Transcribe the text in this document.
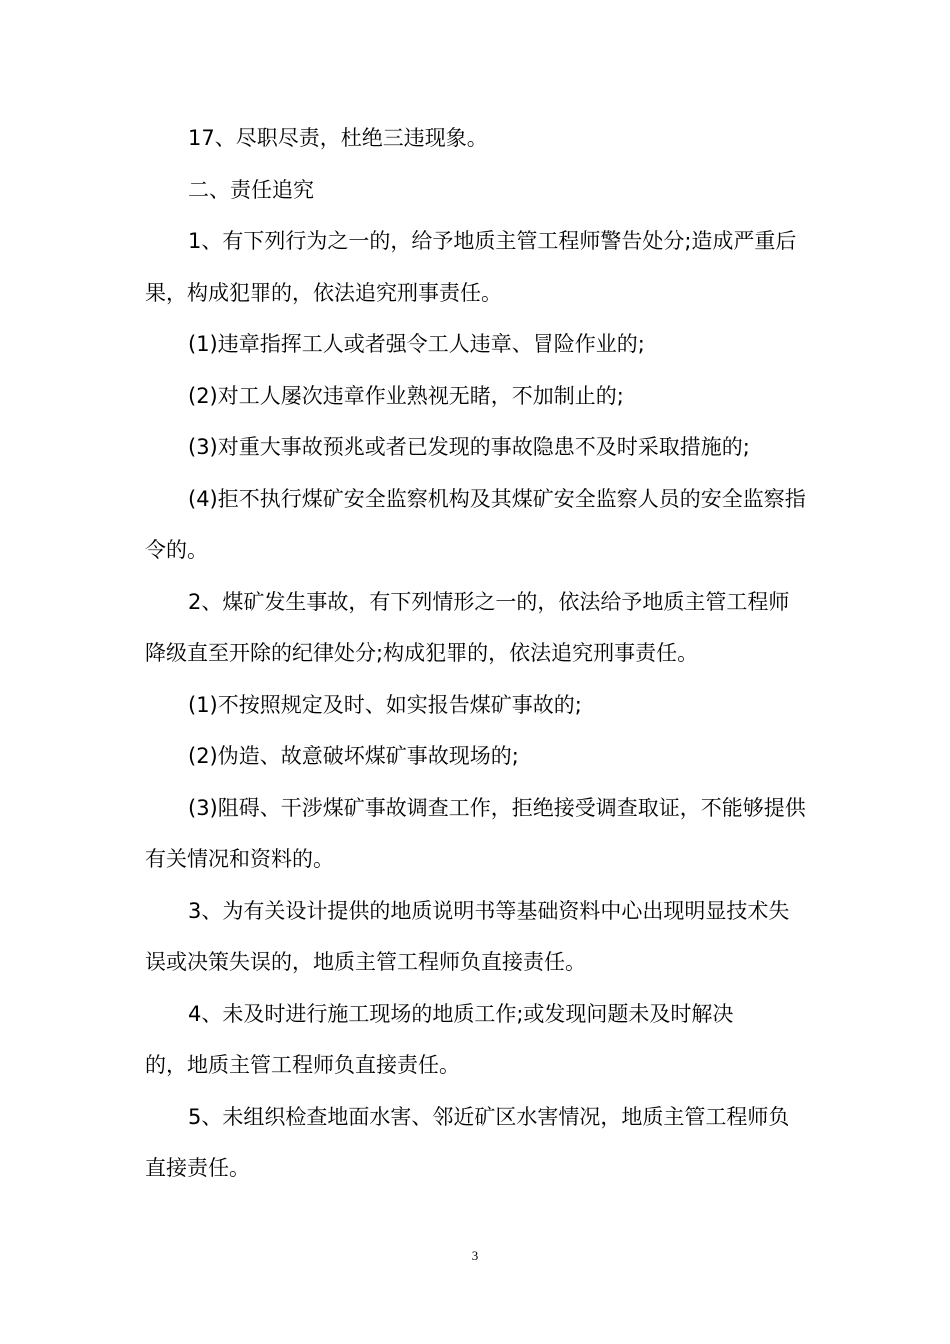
17、尽职尽责，杜绝三违现象。

二、责任追究

1、有下列行为之一的，给予地质主管工程师警告处分;造成严重后果，构成犯罪的，依法追究刑事责任。

(1)违章指挥工人或者强令工人违章、冒险作业的;

(2)对工人屡次违章作业熟视无睹，不加制止的;

(3)对重大事故预兆或者已发现的事故隐患不及时采取措施的;

(4)拒不执行煤矿安全监察机构及其煤矿安全监察人员的安全监察指令的。

2、煤矿发生事故，有下列情形之一的，依法给予地质主管工程师降级直至开除的纪律处分;构成犯罪的，依法追究刑事责任。

(1)不按照规定及时、如实报告煤矿事故的;

(2)伪造、故意破坏煤矿事故现场的;

(3)阻碍、干涉煤矿事故调查工作，拒绝接受调查取证，不能够提供有关情况和资料的。

3、为有关设计提供的地质说明书等基础资料中心出现明显技术失误或决策失误的，地质主管工程师负直接责任。

4、未及时进行施工现场的地质工作;或发现问题未及时解决
的，地质主管工程师负直接责任。

5、未组织检查地面水害、邻近矿区水害情况，地质主管工程师负直接责任。

3
